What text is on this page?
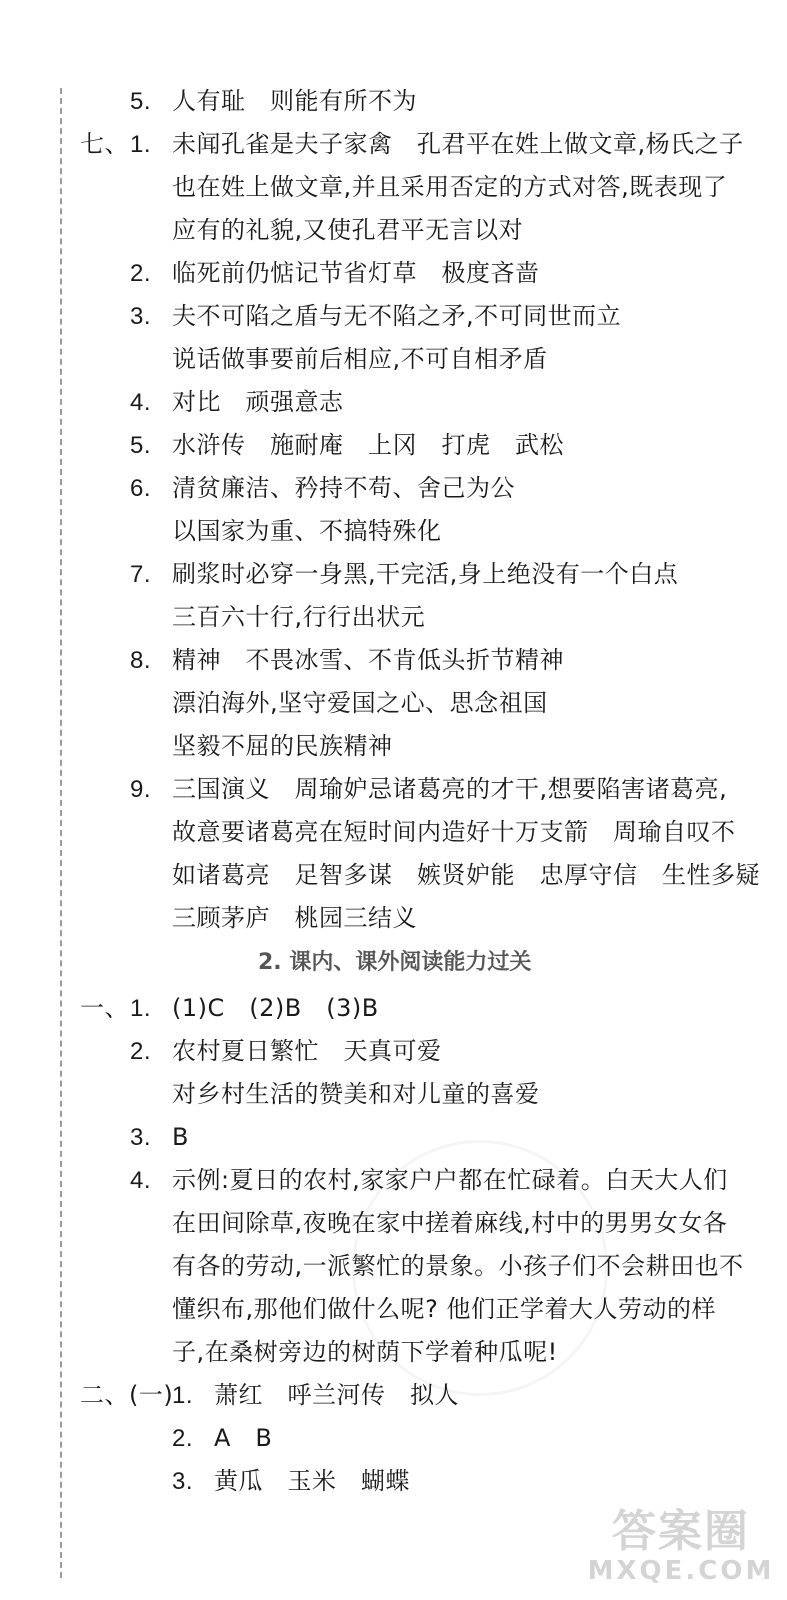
5. 人有耻　则能有所不为
七、 1. 未闻孔雀是夫子家禽　孔君平在姓上做文章,杨氏之子
也在姓上做文章,并且采用否定的方式对答,既表现了
应有的礼貌,又使孔君平无言以对
2. 临死前仍惦记节省灯草　极度吝啬
3. 夫不可陷之盾与无不陷之矛,不可同世而立
说话做事要前后相应,不可自相矛盾
4. 对比　顽强意志
5. 水浒传　施耐庵　上冈　打虎　武松
6. 清贫廉洁、矜持不苟、舍己为公
以国家为重、不搞特殊化
7. 刷浆时必穿一身黑,干完活,身上绝没有一个白点
三百六十行,行行出状元
8. 精神　不畏冰雪、不肯低头折节精神
漂泊海外,坚守爱国之心、思念祖国
坚毅不屈的民族精神
9. 三国演义　周瑜妒忌诸葛亮的才干,想要陷害诸葛亮,
故意要诸葛亮在短时间内造好十万支箭　周瑜自叹不
如诸葛亮　足智多谋　嫉贤妒能　忠厚守信　生性多疑
三顾茅庐　桃园三结义
2. 课内、课外阅读能力过关
一、 1. (1)C　(2)B　(3)B
2. 农村夏日繁忙　天真可爱
对乡村生活的赞美和对儿童的喜爱
3. B
4. 示例:夏日的农村,家家户户都在忙碌着。白天大人们
在田间除草,夜晚在家中搓着麻线,村中的男男女女各
有各的劳动,一派繁忙的景象。小孩子们不会耕田也不
懂织布,那他们做什么呢? 他们正学着大人劳动的样
子,在桑树旁边的树荫下学着种瓜呢!
二、(一)
1. 萧红　呼兰河传　拟人
2. A　B
3. 黄瓜　玉米　蝴蝶
答案圈
MXQE.COM
